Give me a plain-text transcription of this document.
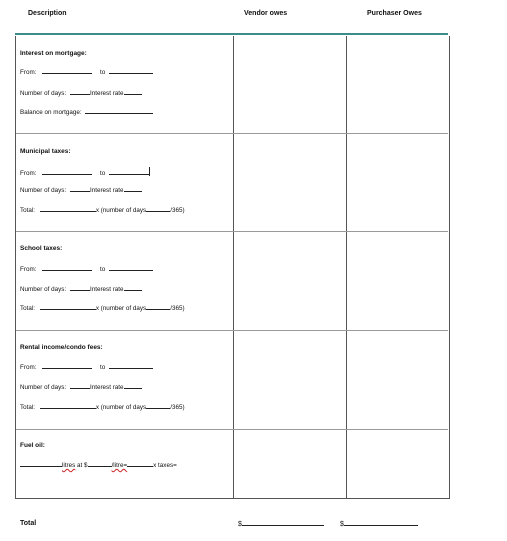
Description	Vendor owes	Purchaser Owes
Interest on mortgage:
From:	to
Number of days:	Interest rate
Balance on mortgage:
Municipal taxes:
From:	to
Number of days:	Interest rate
Total:	x (number of days	/365)
School taxes:
From:	to
Number of days:	Interest rate
Total:	x (number of days	/365)
Rental income/condo fees:
From:	to
Number of days:	Interest rate
Total:	x (number of days	/365)
Fuel oil:
litres at $	/litre=	x taxes=
Total	$	$
